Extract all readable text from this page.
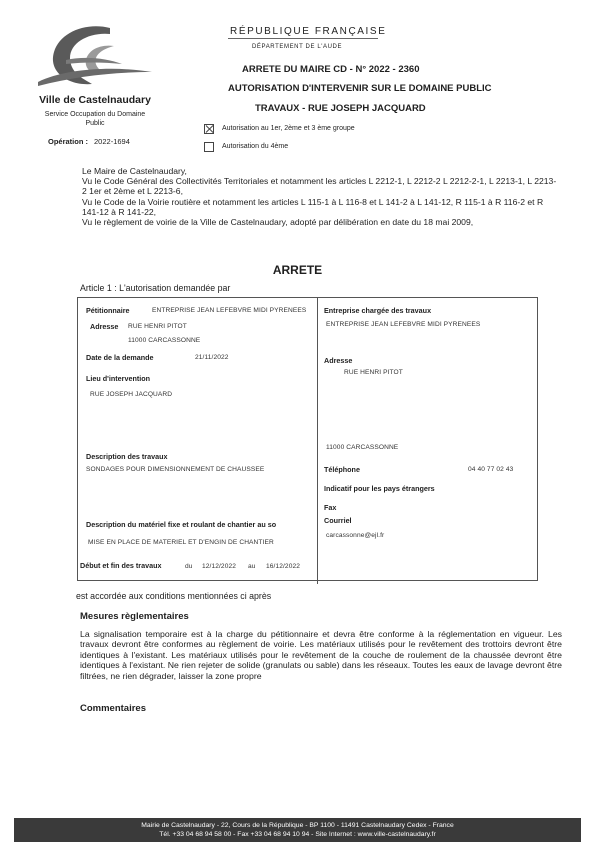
Ville de Castelnaudary
Service Occupation du Domaine Public
Opération : 2022-1694
RÉPUBLIQUE FRANÇAISE
DÉPARTEMENT DE L'AUDE
ARRETE DU MAIRE CD - N° 2022 - 2360
AUTORISATION D'INTERVENIR SUR LE DOMAINE PUBLIC
TRAVAUX - RUE JOSEPH JACQUARD
Autorisation au 1er, 2ème et 3 ème groupe
Autorisation du 4ème

Le Maire de Castelnaudary,

Vu le Code Général des Collectivités Territoriales et notamment les articles L 2212-1, L 2212-2 L 2212-2-1, L 2213-1, L 2213-2 1er et 2ème et L 2213-6,

Vu le Code de la Voirie routière et notamment les articles L 115-1 à L 116-8 et L 141-2 à L 141-12, R 115-1 à R 116-2 et R 141-12 à R 141-22,

Vu le règlement de voirie de la Ville de Castelnaudary, adopté par délibération en date du 18 mai 2009,

ARRETE
Article 1 : L'autorisation demandée par
Pétitionnaire	ENTREPRISE JEAN LEFEBVRE MIDI PYRENEES
Adresse RUE HENRI PITOT
11000 CARCASSONNE
Date de la demande	21/11/2022
Lieu d'intervention
RUE JOSEPH JACQUARD
Description des travaux
SONDAGES POUR DIMENSIONNEMENT DE CHAUSSEE
Description du matériel fixe et roulant de chantier au so
MISE EN PLACE DE MATERIEL ET D'ENGIN DE CHANTIER
Début et fin des travaux	du 12/12/2022 au 16/12/2022
Entreprise chargée des travaux
ENTREPRISE JEAN LEFEBVRE MIDI PYRENEES
Adresse
RUE HENRI PITOT
11000 CARCASSONNE
Téléphone	04 40 77 02 43
Indicatif pour les pays étrangers
Fax
Courriel
carcassonne@ejl.fr
est accordée aux conditions mentionnées ci après
Mesures règlementaires
La signalisation temporaire est à la charge du pétitionnaire et devra être conforme à la réglementation en vigueur. Les travaux devront être conformes au règlement de voirie. Les matériaux utilisés pour le revêtement des trottoirs devront être identiques à l'existant. Les matériaux utilisés pour le revêtement de la couche de roulement de la chaussée devront être identiques à l'existant. Ne rien rejeter de solide (granulats ou sable) dans les réseaux. Toutes les eaux de lavage devront être filtrées, ne rien dégrader, laisser la zone propre
Commentaires
Mairie de Castelnaudary - 22, Cours de la République - BP 1100 - 11491 Castelnaudary Cedex - France
Tél. +33 04 68 94 58 00 - Fax +33 04 68 94 10 94 - Site Internet : www.ville-castelnaudary.fr
